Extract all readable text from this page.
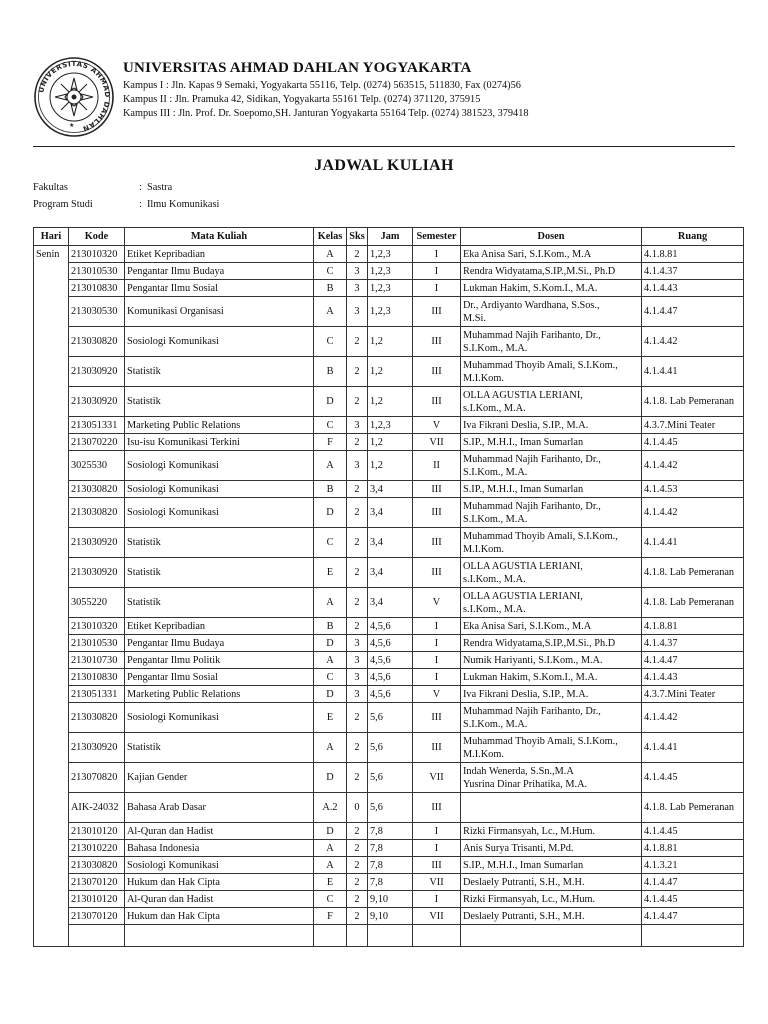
UNIVERSITAS AHMAD DAHLAN
★
UNIVERSITAS AHMAD DAHLAN YOGYAKARTA
Kampus I : Jln. Kapas 9 Semaki, Yogyakarta 55116, Telp. (0274) 563515, 511830, Fax (0274)56
Kampus II : Jln. Pramuka 42, Sidikan, Yogyakarta 55161 Telp. (0274) 371120, 375915
Kampus III : Jln. Prof. Dr. Soepomo,SH. Janturan Yogyakarta 55164 Telp. (0274) 381523, 379418
JADWAL KULIAH
Fakultas	: Sastra
Program Studi	: Ilmu Komunikasi
Hari	Kode	Mata Kuliah	Kelas	Sks	Jam	Semester	Dosen	Ruang
Senin	213010320	Etiket Kepribadian	A	2	1,2,3	I	Eka Anisa Sari, S.I.Kom., M.A	4.1.8.81
	213010530	Pengantar Ilmu Budaya	C	3	1,2,3	I	Rendra Widyatama,S.IP.,M.Si., Ph.D	4.1.4.37
	213010830	Pengantar Ilmu Sosial	B	3	1,2,3	I	Lukman Hakim, S.Kom.I., M.A.	4.1.4.43
	213030530	Komunikasi Organisasi	A	3	1,2,3	III	Dr., Ardiyanto Wardhana, S.Sos.,
M.Si.	4.1.4.47
	213030820	Sosiologi Komunikasi	C	2	1,2	III	Muhammad Najih Farihanto, Dr.,
S.I.Kom., M.A.	4.1.4.42
	213030920	Statistik	B	2	1,2	III	Muhammad Thoyib Amali, S.I.Kom.,
M.I.Kom.	4.1.4.41
	213030920	Statistik	D	2	1,2	III	OLLA AGUSTIA LERIANI,
s.I.Kom., M.A.	4.1.8. Lab Pemeranan
	213051331	Marketing Public Relations	C	3	1,2,3	V	Iva Fikrani Deslia, S.IP., M.A.	4.3.7.Mini Teater
	213070220	Isu-isu Komunikasi Terkini	F	2	1,2	VII	S.IP., M.H.I., Iman Sumarlan	4.1.4.45
	3025530	Sosiologi Komunikasi	A	3	1,2	II	Muhammad Najih Farihanto, Dr.,
S.I.Kom., M.A.	4.1.4.42
	213030820	Sosiologi Komunikasi	B	2	3,4	III	S.IP., M.H.I., Iman Sumarlan	4.1.4.53
	213030820	Sosiologi Komunikasi	D	2	3,4	III	Muhammad Najih Farihanto, Dr.,
S.I.Kom., M.A.	4.1.4.42
	213030920	Statistik	C	2	3,4	III	Muhammad Thoyib Amali, S.I.Kom.,
M.I.Kom.	4.1.4.41
	213030920	Statistik	E	2	3,4	III	OLLA AGUSTIA LERIANI,
s.I.Kom., M.A.	4.1.8. Lab Pemeranan
	3055220	Statistik	A	2	3,4	V	OLLA AGUSTIA LERIANI,
s.I.Kom., M.A.	4.1.8. Lab Pemeranan
	213010320	Etiket Kepribadian	B	2	4,5,6	I	Eka Anisa Sari, S.I.Kom., M.A	4.1.8.81
	213010530	Pengantar Ilmu Budaya	D	3	4,5,6	I	Rendra Widyatama,S.IP.,M.Si., Ph.D	4.1.4.37
	213010730	Pengantar Ilmu Politik	A	3	4,5,6	I	Numik Hariyanti, S.I.Kom., M.A.	4.1.4.47
	213010830	Pengantar Ilmu Sosial	C	3	4,5,6	I	Lukman Hakim, S.Kom.I., M.A.	4.1.4.43
	213051331	Marketing Public Relations	D	3	4,5,6	V	Iva Fikrani Deslia, S.IP., M.A.	4.3.7.Mini Teater
	213030820	Sosiologi Komunikasi	E	2	5,6	III	Muhammad Najih Farihanto, Dr.,
S.I.Kom., M.A.	4.1.4.42
	213030920	Statistik	A	2	5,6	III	Muhammad Thoyib Amali, S.I.Kom.,
M.I.Kom.	4.1.4.41
	213070820	Kajian Gender	D	2	5,6	VII	Indah Wenerda, S.Sn.,M.A
Yusrina Dinar Prihatika, M.A.	4.1.4.45
	AIK-24032	Bahasa Arab Dasar	A.2	0	5,6	III		4.1.8. Lab Pemeranan
	213010120	Al-Quran dan Hadist	D	2	7,8	I	Rizki Firmansyah, Lc., M.Hum.	4.1.4.45
	213010220	Bahasa Indonesia	A	2	7,8	I	Anis Surya Trisanti, M.Pd.	4.1.8.81
	213030820	Sosiologi Komunikasi	A	2	7,8	III	S.IP., M.H.I., Iman Sumarlan	4.1.3.21
	213070120	Hukum dan Hak Cipta	E	2	7,8	VII	Deslaely Putranti, S.H., M.H.	4.1.4.47
	213010120	Al-Quran dan Hadist	C	2	9,10	I	Rizki Firmansyah, Lc., M.Hum.	4.1.4.45
	213070120	Hukum dan Hak Cipta	F	2	9,10	VII	Deslaely Putranti, S.H., M.H.	4.1.4.47
